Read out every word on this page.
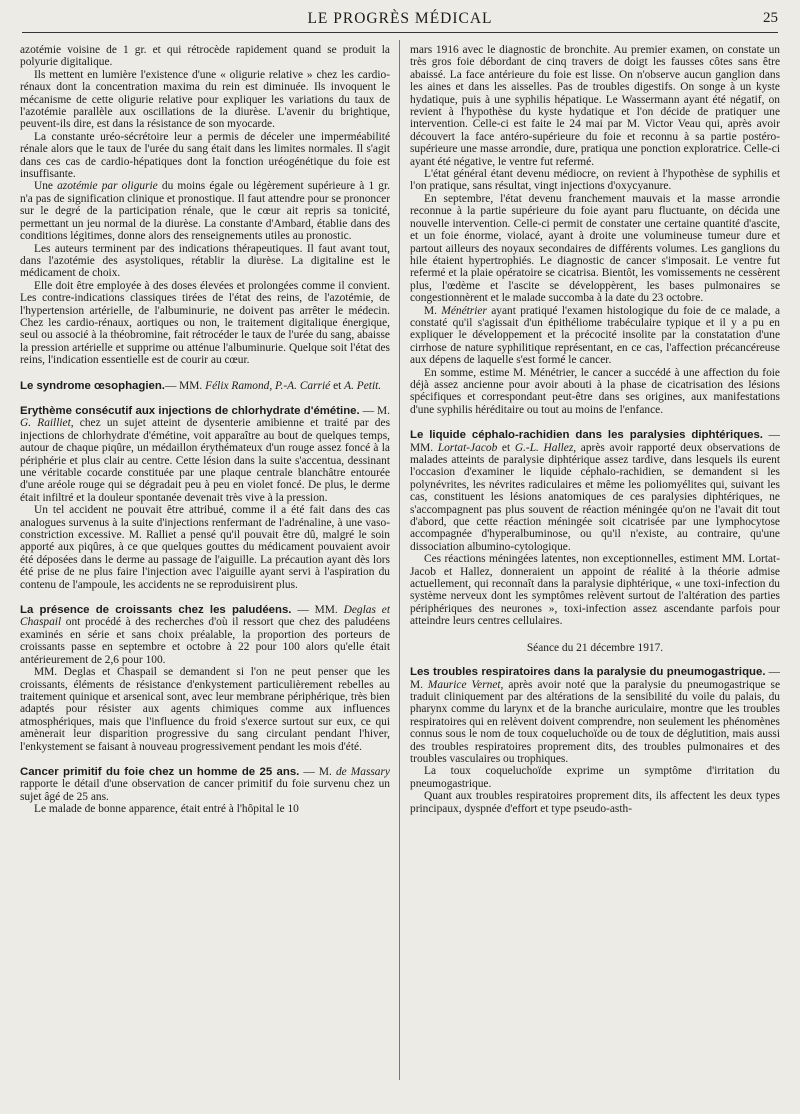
LE PROGRÈS MÉDICAL	25

azotémie voisine de 1 gr. et qui rétrocède rapidement quand se produit la polyurie digitalique.

Ils mettent en lumière l'existence d'une « oligurie relative » chez les cardio-rénaux dont la concentration maxima du rein est diminuée. Ils invoquent le mécanisme de cette oligurie relative pour expliquer les variations du taux de l'azotémie parallèle aux oscillations de la diurèse. L'avenir du brightique, peuvent-ils dire, est dans la résistance de son myocarde.

La constante uréo-sécrétoire leur a permis de déceler une imperméabilité rénale alors que le taux de l'urée du sang était dans les limites normales. Il s'agit dans ces cas de cardio-hépatiques dont la fonction uréogénétique du foie est insuffisante.

Une azotémie par oligurie du moins égale ou légèrement supérieure à 1 gr. n'a pas de signification clinique et pronostique. Il faut attendre pour se prononcer sur le degré de la participation rénale, que le cœur ait repris sa tonicité, permettant un jeu normal de la diurèse. La constante d'Ambard, établie dans des conditions légitimes, donne alors des renseignements utiles au pronostic.

Les auteurs terminent par des indications thérapeutiques. Il faut avant tout, dans l'azotémie des asystoliques, rétablir la diurèse. La digitaline est le médicament de choix.

Elle doit être employée à des doses élevées et prolongées comme il convient. Les contre-indications classiques tirées de l'état des reins, de l'azotémie, de l'hypertension artérielle, de l'albuminurie, ne doivent pas arrêter le médecin. Chez les cardio-rénaux, aortiques ou non, le traitement digitalique énergique, seul ou associé à la théobromine, fait rétrocéder le taux de l'urée du sang, abaisse la pression artérielle et supprime ou atténue l'albuminurie. Quelque soit l'état des reins, l'indication essentielle est de courir au cœur.

Le syndrome œsophagien.— MM. Félix Ramond, P.-A. Carrié et A. Petit.

Erythème consécutif aux injections de chlorhydrate d'émétine. — M. G. Railliet, chez un sujet atteint de dysenterie amibienne et traité par des injections de chlorhydrate d'émétine, voit apparaître au bout de quelques temps, autour de chaque piqûre, un médaillon érythémateux d'un rouge assez foncé à la périphérie et plus clair au centre. Cette lésion dans la suite s'accentua, dessinant une véritable cocarde constituée par une plaque centrale blanchâtre entourée d'une aréole rouge qui se dégradait peu à peu en violet foncé. De plus, le derme était infiltré et la douleur spontanée devenait très vive à la pression.

Un tel accident ne pouvait être attribué, comme il a été fait dans des cas analogues survenus à la suite d'injections renfermant de l'adrénaline, à une vaso-constriction excessive. M. Ralliet a pensé qu'il pouvait être dû, malgré le soin apporté aux piqûres, à ce que quelques gouttes du médicament pouvaient avoir été déposées dans le derme au passage de l'aiguille. La précaution ayant dès lors été prise de ne plus faire l'injection avec l'aiguille ayant servi à l'aspiration du contenu de l'ampoule, les accidents ne se reproduisirent plus.

La présence de croissants chez les paludéens. — MM. Deglas et Chaspail ont procédé à des recherches d'où il ressort que chez des paludéens examinés en série et sans choix préalable, la proportion des porteurs de croissants passe en septembre et octobre à 22 pour 100 alors qu'elle était antérieurement de 2,6 pour 100.

MM. Deglas et Chaspail se demandent si l'on ne peut penser que les croissants, éléments de résistance d'enkystement particulièrement rebelles au traitement quinique et arsenical sont, avec leur membrane périphérique, très bien adaptés pour résister aux agents chimiques comme aux influences atmosphériques, mais que l'influence du froid s'exerce surtout sur eux, ce qui amènerait leur disparition progressive du sang circulant pendant l'hiver, l'enkystement se faisant à nouveau progressivement pendant les mois d'été.

Cancer primitif du foie chez un homme de 25 ans. — M. de Massary rapporte le détail d'une observation de cancer primitif du foie survenu chez un sujet âgé de 25 ans.

Le malade de bonne apparence, était entré à l'hôpital le 10

mars 1916 avec le diagnostic de bronchite. Au premier examen, on constate un très gros foie débordant de cinq travers de doigt les fausses côtes sans être abaissé. La face antérieure du foie est lisse. On n'observe aucun ganglion dans les aines et dans les aisselles. Pas de troubles digestifs. On songe à un kyste hydatique, puis à une syphilis hépatique. Le Wassermann ayant été négatif, on revient à l'hypothèse du kyste hydatique et l'on décide de pratiquer une intervention. Celle-ci est faite le 24 mai par M. Victor Veau qui, après avoir découvert la face antéro-supérieure du foie et reconnu à sa partie postéro-supérieure une masse arrondie, dure, pratiqua une ponction exploratrice. Celle-ci ayant été négative, le ventre fut refermé.

L'état général étant devenu médiocre, on revient à l'hypothèse de syphilis et l'on pratique, sans résultat, vingt injections d'oxycyanure.

En septembre, l'état devenu franchement mauvais et la masse arrondie reconnue à la partie supérieure du foie ayant paru fluctuante, on décida une nouvelle intervention. Celle-ci permit de constater une certaine quantité d'ascite, et un foie énorme, violacé, ayant à droite une volumineuse tumeur dure et partout ailleurs des noyaux secondaires de différents volumes. Les ganglions du hile étaient hypertrophiés. Le diagnostic de cancer s'imposait. Le ventre fut refermé et la plaie opératoire se cicatrisa. Bientôt, les vomissements ne cessèrent plus, l'œdème et l'ascite se développèrent, les bases pulmonaires se congestionnèrent et le malade succomba à la date du 23 octobre.

M. Ménétrier ayant pratiqué l'examen histologique du foie de ce malade, a constaté qu'il s'agissait d'un épithéliome trabéculaire typique et il y a pu en expliquer le développement et la précocité insolite par la constatation d'une cirrhose de nature syphilitique représentant, en ce cas, l'affection précancéreuse aux dépens de laquelle s'est formé le cancer.

En somme, estime M. Ménétrier, le cancer a succédé à une affection du foie déjà assez ancienne pour avoir abouti à la phase de cicatrisation des lésions spécifiques et correspondant peut-être dans ses origines, aux manifestations d'une syphilis héréditaire ou tout au moins de l'enfance.

Le liquide céphalo-rachidien dans les paralysies diphtériques. — MM. Lortat-Jacob et G.-L. Hallez, après avoir rapporté deux observations de malades atteints de paralysie diphtérique assez tardive, dans lesquels ils eurent l'occasion d'examiner le liquide céphalo-rachidien, se demandent si les polynévrites, les névrites radiculaires et même les poliomyélites qui, suivant les cas, constituent les lésions anatomiques de ces paralysies diphtériques, ne s'accompagnent pas plus souvent de réaction méningée qu'on ne l'avait dit tout d'abord, que cette réaction méningée soit cicatrisée par une lymphocytose accompagnée d'hyperalbuminose, ou qu'il n'existe, au contraire, qu'une dissociation albumino-cytologique.

Ces réactions méningées latentes, non exceptionnelles, estiment MM. Lortat-Jacob et Hallez, donneraient un appoint de réalité à la théorie admise actuellement, qui reconnaît dans la paralysie diphtérique, « une toxi-infection du système nerveux dont les symptômes relèvent surtout de l'altération des parties périphériques des neurones », toxi-infection assez ascendante parfois pour atteindre leurs centres cellulaires.

Séance du 21 décembre 1917.

Les troubles respiratoires dans la paralysie du pneumogastrique. — M. Maurice Vernet, après avoir noté que la paralysie du pneumogastrique se traduit cliniquement par des altérations de la sensibilité du voile du palais, du pharynx comme du larynx et de la branche auriculaire, montre que les troubles respiratoires qui en relèvent doivent comprendre, non seulement les phénomènes connus sous le nom de toux coqueluchoïde ou de toux de déglutition, mais aussi des troubles respiratoires proprement dits, des troubles pulmonaires et des troubles vasculaires ou trophiques.

La toux coqueluchoïde exprime un symptôme d'irritation du pneumogastrique.

Quant aux troubles respiratoires proprement dits, ils affectent les deux types principaux, dyspnée d'effort et type pseudo-asth-
